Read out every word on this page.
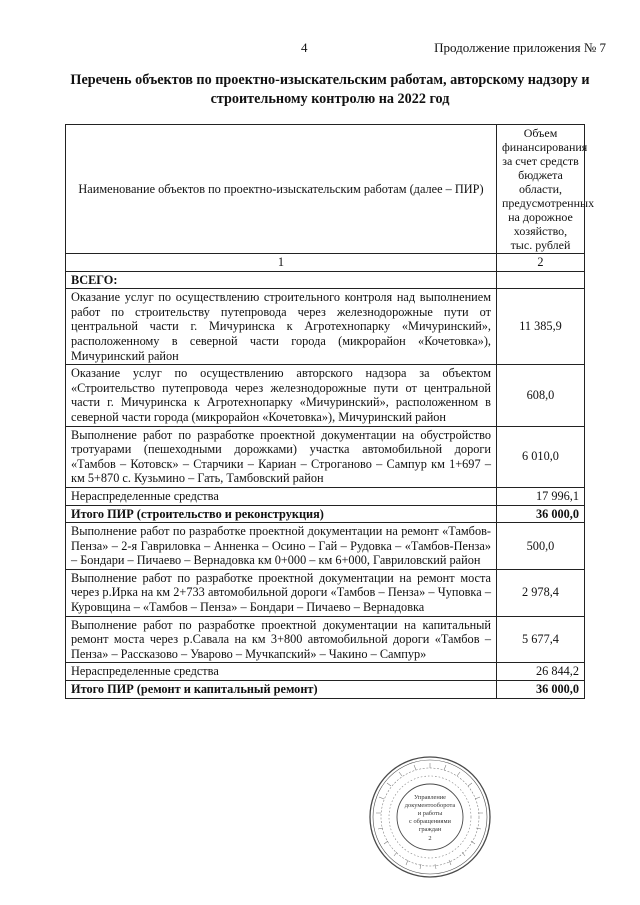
4	Продолжение приложения № 7
Перечень объектов по проектно-изыскательским работам, авторскому надзору и строительному контролю на 2022 год
Наименование объектов по проектно-изыскательским работам (далее – ПИР)	Объем финансирования за счет средств бюджета области, предусмотренных на дорожное хозяйство, тыс. рублей
1	2
ВСЕГО:	
Оказание услуг по осуществлению строительного контроля над выполнением работ по строительству путепровода через железнодорожные пути от центральной части г. Мичуринска к Агротехнопарку «Мичуринский», расположенному в северной части города (микрорайон «Кочетовка»), Мичуринский район	11 385,9
Оказание услуг по осуществлению авторского надзора за объектом «Строительство путепровода через железнодорожные пути от центральной части г. Мичуринска к Агротехнопарку «Мичуринский», расположенном в северной части города (микрорайон «Кочетовка»), Мичуринский район	608,0
Выполнение работ по разработке проектной документации на обустройство тротуарами (пешеходными дорожками) участка автомобильной дороги «Тамбов – Котовск» – Старчики – Кариан – Строганово – Сампур км 1+697 – км 5+870 с. Кузьмино – Гать, Тамбовский район	6 010,0
Нераспределенные средства	17 996,1
Итого ПИР (строительство и реконструкция)	36 000,0
Выполнение работ по разработке проектной документации на ремонт «Тамбов-Пенза» – 2-я Гавриловка – Анненка – Осино – Гай – Рудовка – «Тамбов-Пенза» – Бондари – Пичаево – Вернадовка км 0+000 – км 6+000, Гавриловский район	500,0
Выполнение работ по разработке проектной документации на ремонт моста через р.Ирка на км 2+733 автомобильной дороги «Тамбов – Пенза» – Чуповка – Куровщина – «Тамбов – Пенза» – Бондари – Пичаево – Вернадовка	2 978,4
Выполнение работ по разработке проектной документации на капитальный ремонт моста через р.Савала на км 3+800 автомобильной дороги «Тамбов – Пенза» – Рассказово – Уварово – Мучкапский» – Чакино – Сампур»	5 677,4
Нераспределенные средства	26 844,2
Итого ПИР (ремонт и капитальный ремонт)	36 000,0
Управление
документооборота
и работы
с обращениями
граждан
2
